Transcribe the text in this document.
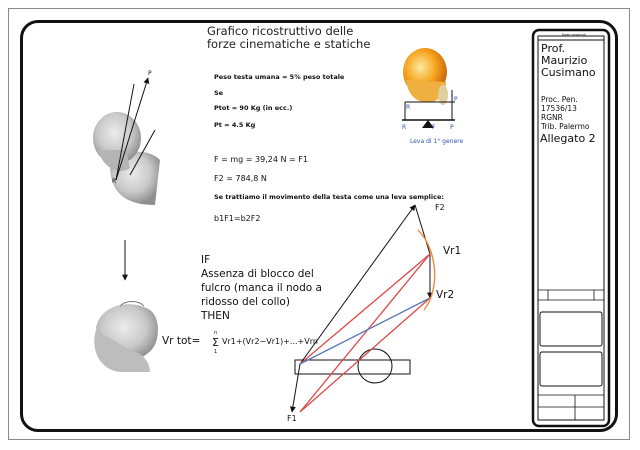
Grafico ricostruttivo delle
forze cinematiche e statiche
Peso testa umana = 5% peso totale
Se
Ptot = 90 Kg (in ecc.)
Pt = 4.5 Kg
F = mg = 39,24 N = F1
F2 = 784,8 N
Se trattiamo il movimento della testa come una leva semplice:
b1F1=b2F2
IF
Assenza di blocco del
fulcro (manca il nodo a
ridosso del collo)
THEN
Vr tot=
n
Σ
1
Vr1+(Vr2−Vr1)+...+Vrn
F2
Vr1
Vr2
F1
P
R
R
P
R	F P
Leva di 1° genere
Note generali
Prof.
Maurizio
Cusimano
Proc. Pen.
17536/13
RGNR
Trib. Palermo
Allegato 2
